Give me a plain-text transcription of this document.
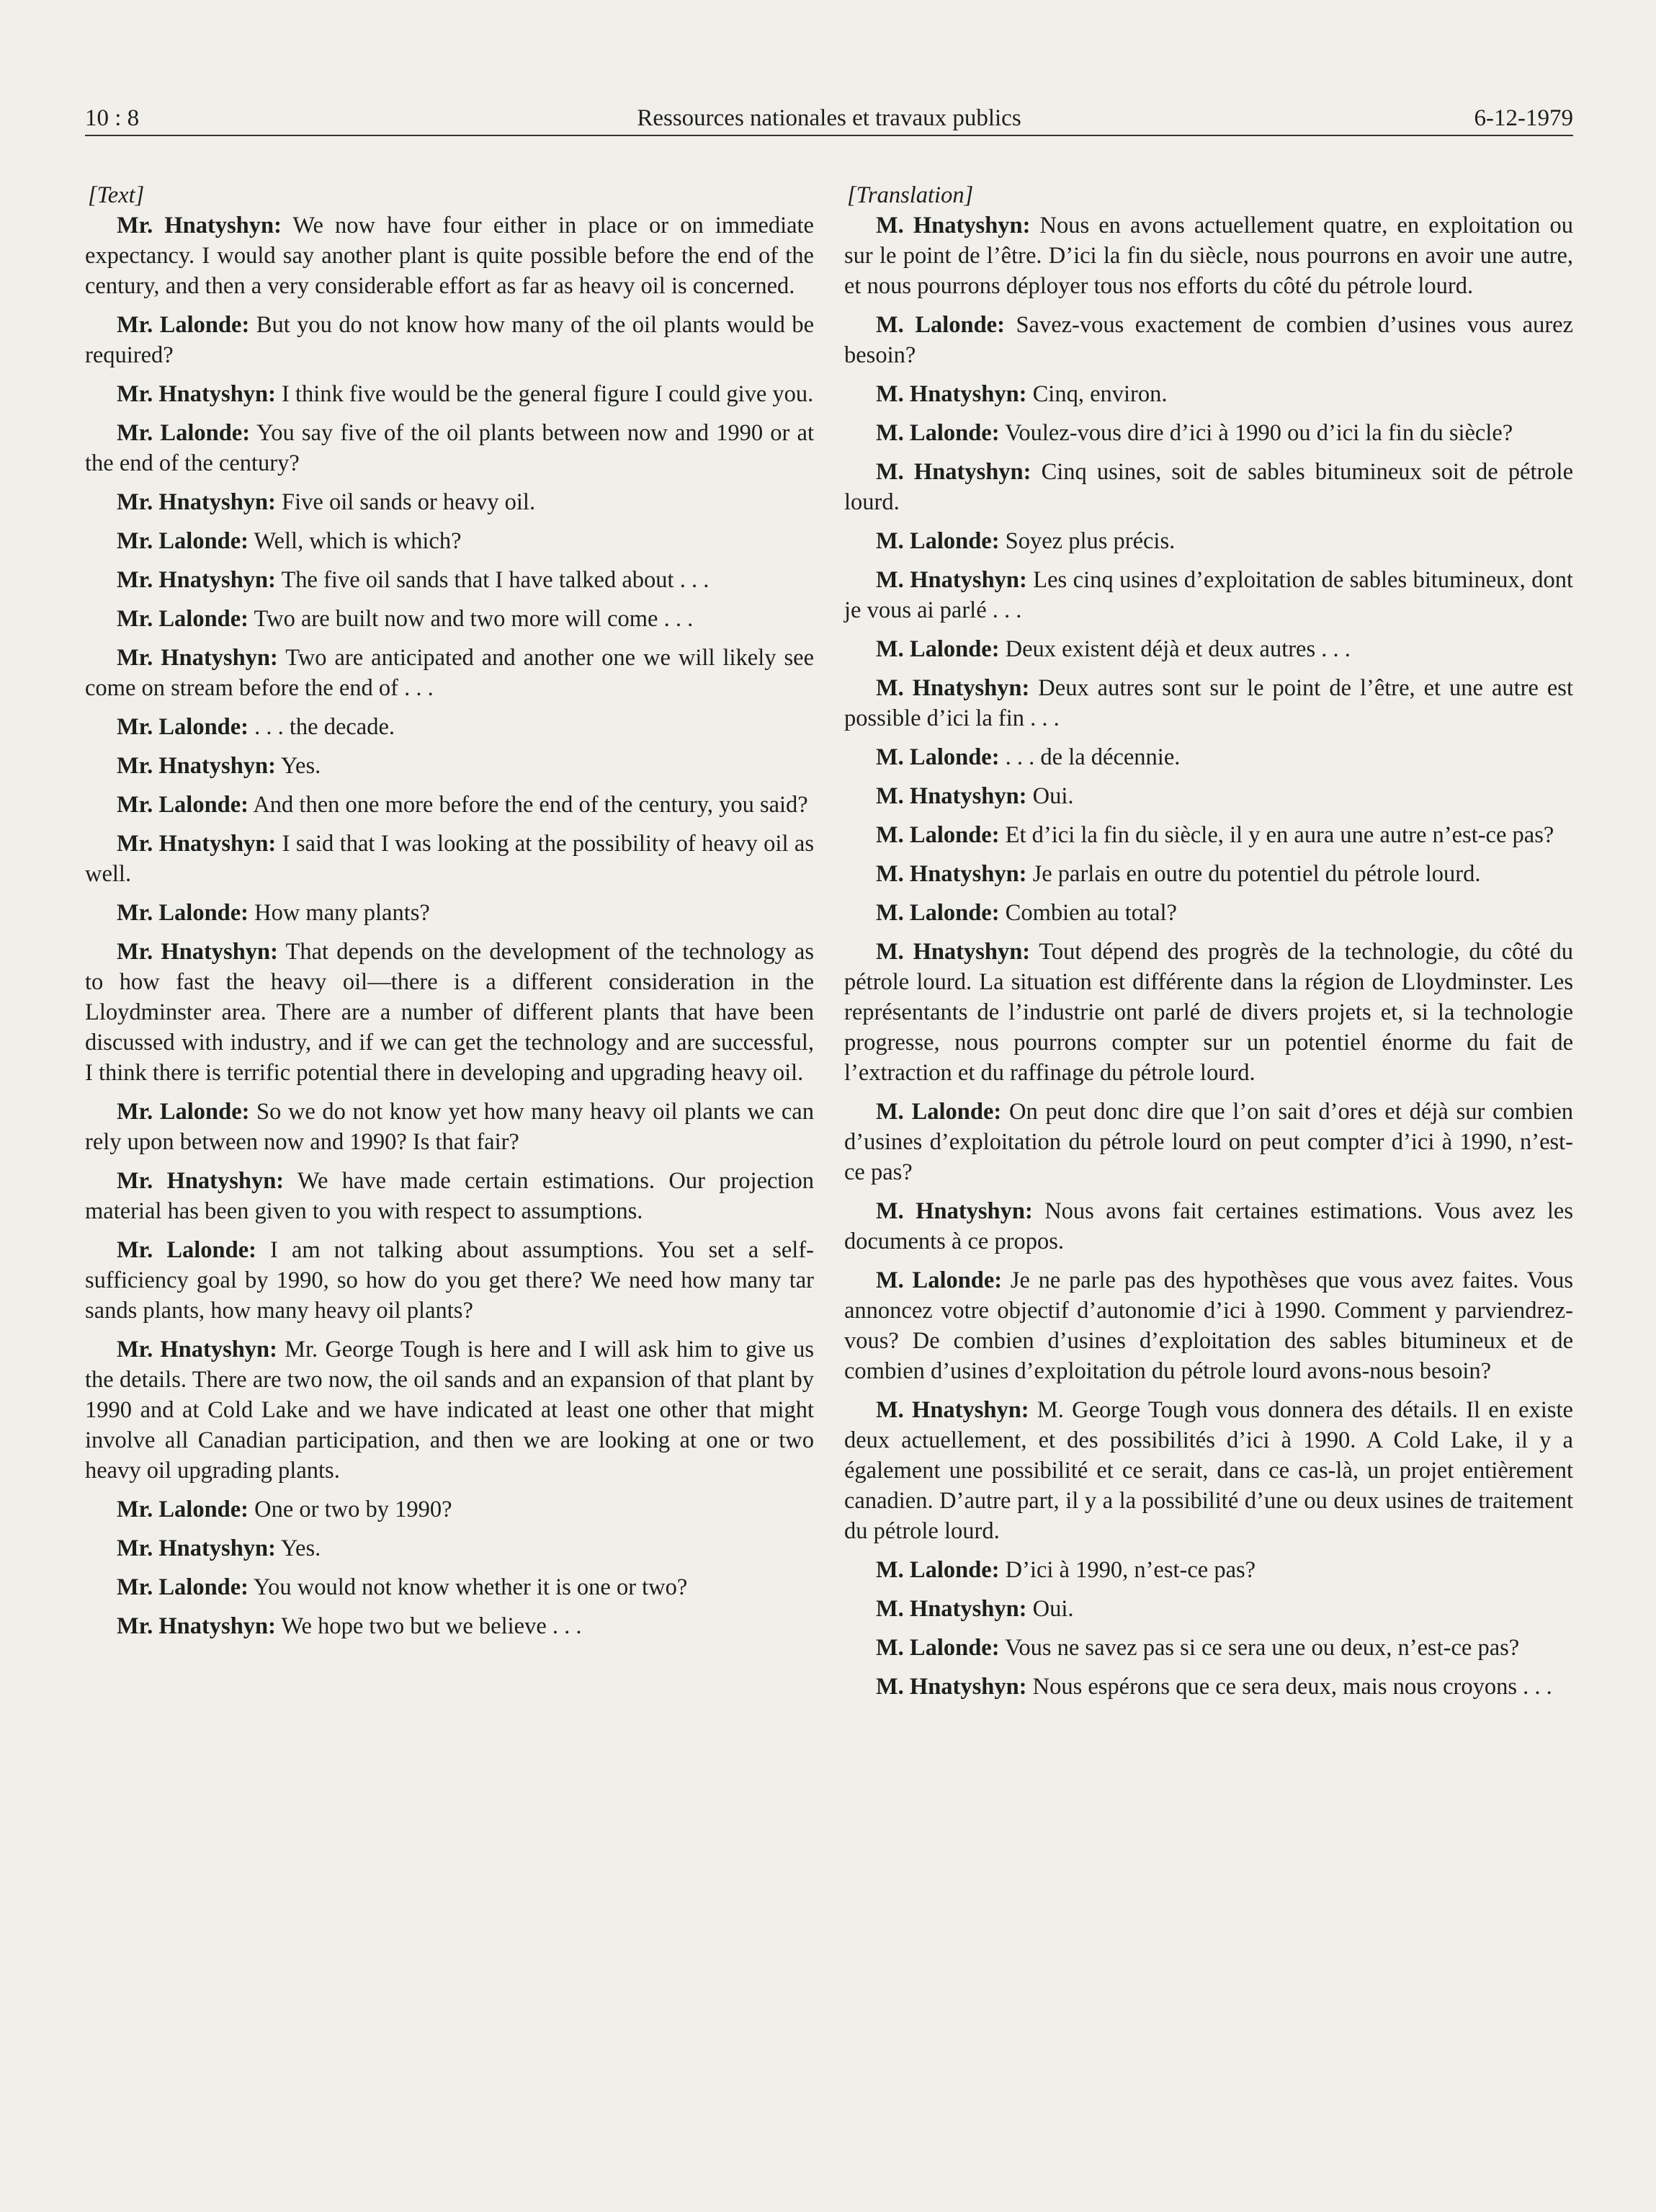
10 : 8	Ressources nationales et travaux publics	6-12-1979
[Text]

Mr. Hnatyshyn: We now have four either in place or on immediate expectancy. I would say another plant is quite possible before the end of the century, and then a very considerable effort as far as heavy oil is concerned.

Mr. Lalonde: But you do not know how many of the oil plants would be required?

Mr. Hnatyshyn: I think five would be the general figure I could give you.

Mr. Lalonde: You say five of the oil plants between now and 1990 or at the end of the century?

Mr. Hnatyshyn: Five oil sands or heavy oil.

Mr. Lalonde: Well, which is which?

Mr. Hnatyshyn: The five oil sands that I have talked about . . .

Mr. Lalonde: Two are built now and two more will come . . .

Mr. Hnatyshyn: Two are anticipated and another one we will likely see come on stream before the end of . . .

Mr. Lalonde: . . . the decade.

Mr. Hnatyshyn: Yes.

Mr. Lalonde: And then one more before the end of the century, you said?

Mr. Hnatyshyn: I said that I was looking at the possibility of heavy oil as well.

Mr. Lalonde: How many plants?

Mr. Hnatyshyn: That depends on the development of the technology as to how fast the heavy oil—there is a different consideration in the Lloydminster area. There are a number of different plants that have been discussed with industry, and if we can get the technology and are successful, I think there is terrific potential there in developing and upgrading heavy oil.

Mr. Lalonde: So we do not know yet how many heavy oil plants we can rely upon between now and 1990? Is that fair?

Mr. Hnatyshyn: We have made certain estimations. Our projection material has been given to you with respect to assumptions.

Mr. Lalonde: I am not talking about assumptions. You set a self-sufficiency goal by 1990, so how do you get there? We need how many tar sands plants, how many heavy oil plants?

Mr. Hnatyshyn: Mr. George Tough is here and I will ask him to give us the details. There are two now, the oil sands and an expansion of that plant by 1990 and at Cold Lake and we have indicated at least one other that might involve all Canadian participation, and then we are looking at one or two heavy oil upgrading plants.

Mr. Lalonde: One or two by 1990?

Mr. Hnatyshyn: Yes.

Mr. Lalonde: You would not know whether it is one or two?

Mr. Hnatyshyn: We hope two but we believe . . .

[Translation]

M. Hnatyshyn: Nous en avons actuellement quatre, en exploitation ou sur le point de l’être. D’ici la fin du siècle, nous pourrons en avoir une autre, et nous pourrons déployer tous nos efforts du côté du pétrole lourd.

M. Lalonde: Savez-vous exactement de combien d’usines vous aurez besoin?

M. Hnatyshyn: Cinq, environ.

M. Lalonde: Voulez-vous dire d’ici à 1990 ou d’ici la fin du siècle?

M. Hnatyshyn: Cinq usines, soit de sables bitumineux soit de pétrole lourd.

M. Lalonde: Soyez plus précis.

M. Hnatyshyn: Les cinq usines d’exploitation de sables bitumineux, dont je vous ai parlé . . .

M. Lalonde: Deux existent déjà et deux autres . . .

M. Hnatyshyn: Deux autres sont sur le point de l’être, et une autre est possible d’ici la fin . . .

M. Lalonde: . . . de la décennie.

M. Hnatyshyn: Oui.

M. Lalonde: Et d’ici la fin du siècle, il y en aura une autre n’est-ce pas?

M. Hnatyshyn: Je parlais en outre du potentiel du pétrole lourd.

M. Lalonde: Combien au total?

M. Hnatyshyn: Tout dépend des progrès de la technologie, du côté du pétrole lourd. La situation est différente dans la région de Lloydminster. Les représentants de l’industrie ont parlé de divers projets et, si la technologie progresse, nous pourrons compter sur un potentiel énorme du fait de l’extraction et du raffinage du pétrole lourd.

M. Lalonde: On peut donc dire que l’on sait d’ores et déjà sur combien d’usines d’exploitation du pétrole lourd on peut compter d’ici à 1990, n’est-ce pas?

M. Hnatyshyn: Nous avons fait certaines estimations. Vous avez les documents à ce propos.

M. Lalonde: Je ne parle pas des hypothèses que vous avez faites. Vous annoncez votre objectif d’autonomie d’ici à 1990. Comment y parviendrez-vous? De combien d’usines d’exploitation des sables bitumineux et de combien d’usines d’exploitation du pétrole lourd avons-nous besoin?

M. Hnatyshyn: M. George Tough vous donnera des détails. Il en existe deux actuellement, et des possibilités d’ici à 1990. A Cold Lake, il y a également une possibilité et ce serait, dans ce cas-là, un projet entièrement canadien. D’autre part, il y a la possibilité d’une ou deux usines de traitement du pétrole lourd.

M. Lalonde: D’ici à 1990, n’est-ce pas?

M. Hnatyshyn: Oui.

M. Lalonde: Vous ne savez pas si ce sera une ou deux, n’est-ce pas?

M. Hnatyshyn: Nous espérons que ce sera deux, mais nous croyons . . .
